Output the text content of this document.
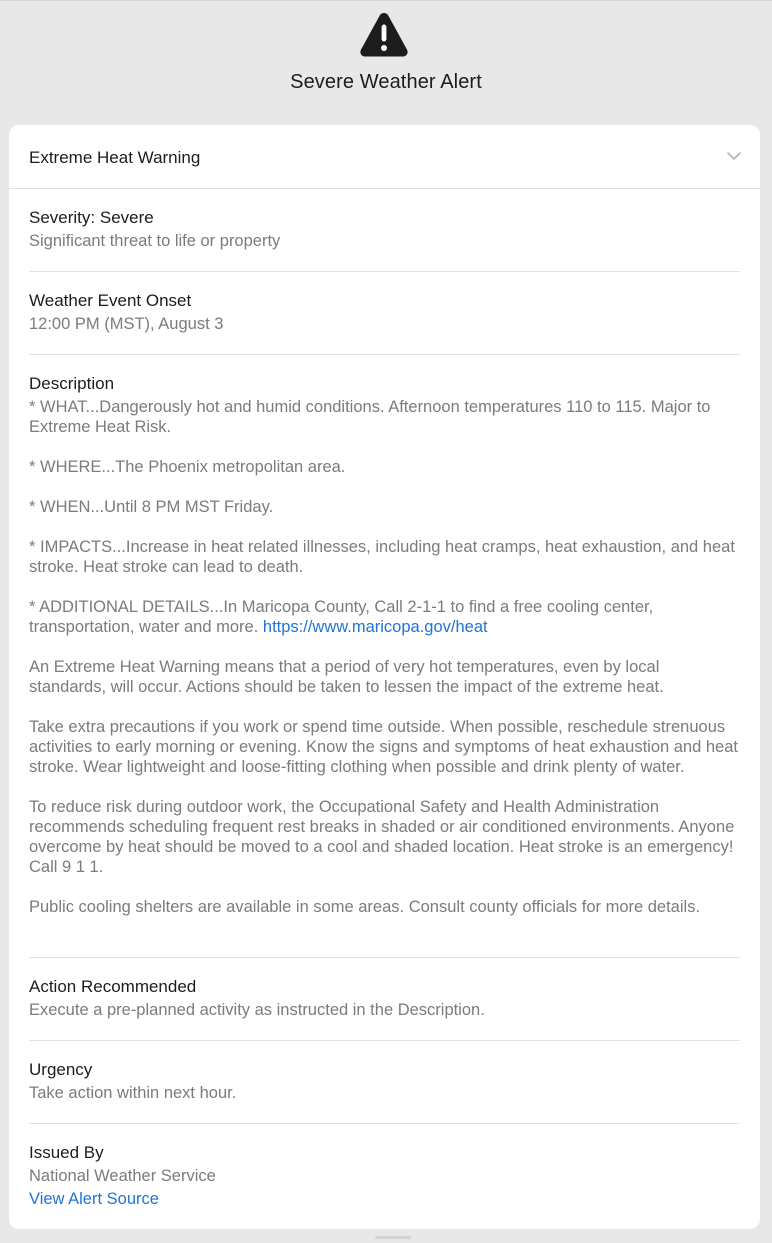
Severe Weather Alert
Extreme Heat Warning
Severity: Severe
Significant threat to life or property
Weather Event Onset
12:00 PM (MST), August 3
Description

* WHAT...Dangerously hot and humid conditions. Afternoon temperatures 110 to 115. Major to Extreme Heat Risk.

* WHERE...The Phoenix metropolitan area.

* WHEN...Until 8 PM MST Friday.

* IMPACTS...Increase in heat related illnesses, including heat cramps, heat exhaustion, and heat stroke. Heat stroke can lead to death.

* ADDITIONAL DETAILS...In Maricopa County, Call 2-1-1 to find a free cooling center, transportation, water and more. https://www.maricopa.gov/heat

An Extreme Heat Warning means that a period of very hot temperatures, even by local standards, will occur. Actions should be taken to lessen the impact of the extreme heat.

Take extra precautions if you work or spend time outside. When possible, reschedule strenuous activities to early morning or evening. Know the signs and symptoms of heat exhaustion and heat stroke. Wear lightweight and loose-fitting clothing when possible and drink plenty of water.

To reduce risk during outdoor work, the Occupational Safety and Health Administration recommends scheduling frequent rest breaks in shaded or air conditioned environments. Anyone overcome by heat should be moved to a cool and shaded location. Heat stroke is an emergency! Call 9 1 1.

Public cooling shelters are available in some areas. Consult county officials for more details.

Action Recommended
Execute a pre-planned activity as instructed in the Description.
Urgency
Take action within next hour.
Issued By
National Weather Service
View Alert Source
